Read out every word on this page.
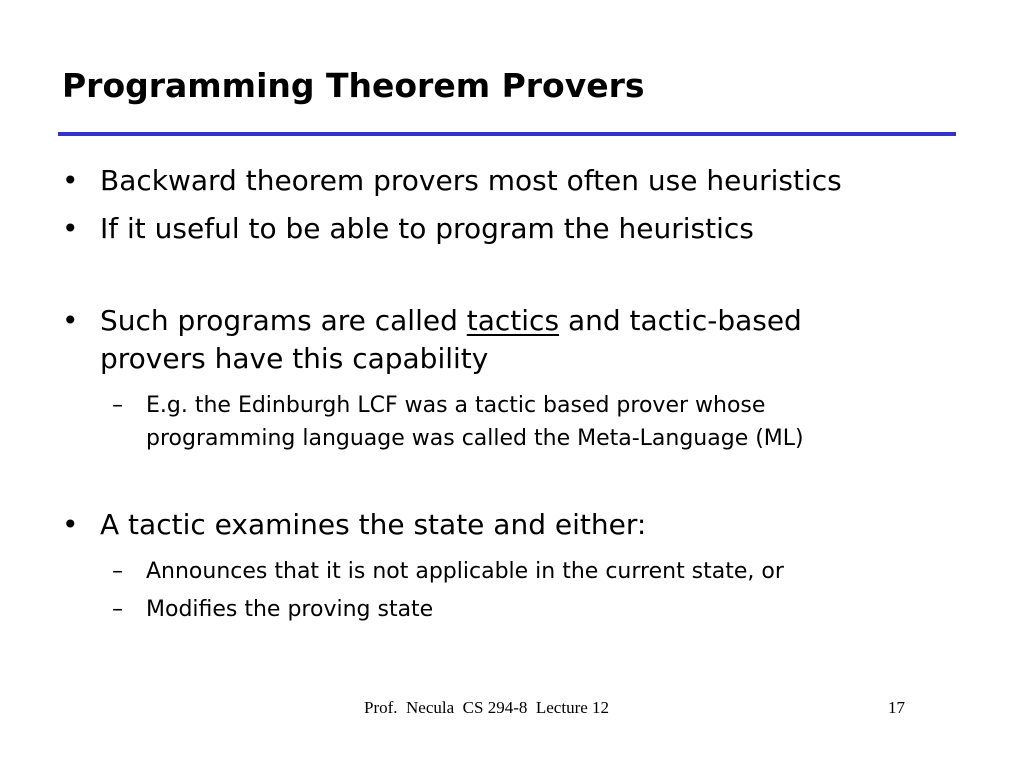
Programming Theorem Provers
• Backward theorem provers most often use heuristics
• If it useful to be able to program the heuristics
• Such programs are called tactics and tactic-based
provers have this capability
– E.g. the Edinburgh LCF was a tactic based prover whose
programming language was called the Meta-Language (ML)
• A tactic examines the state and either:
– Announces that it is not applicable in the current state, or
– Modifies the proving state
Prof.  Necula  CS 294-8  Lecture 12	17
